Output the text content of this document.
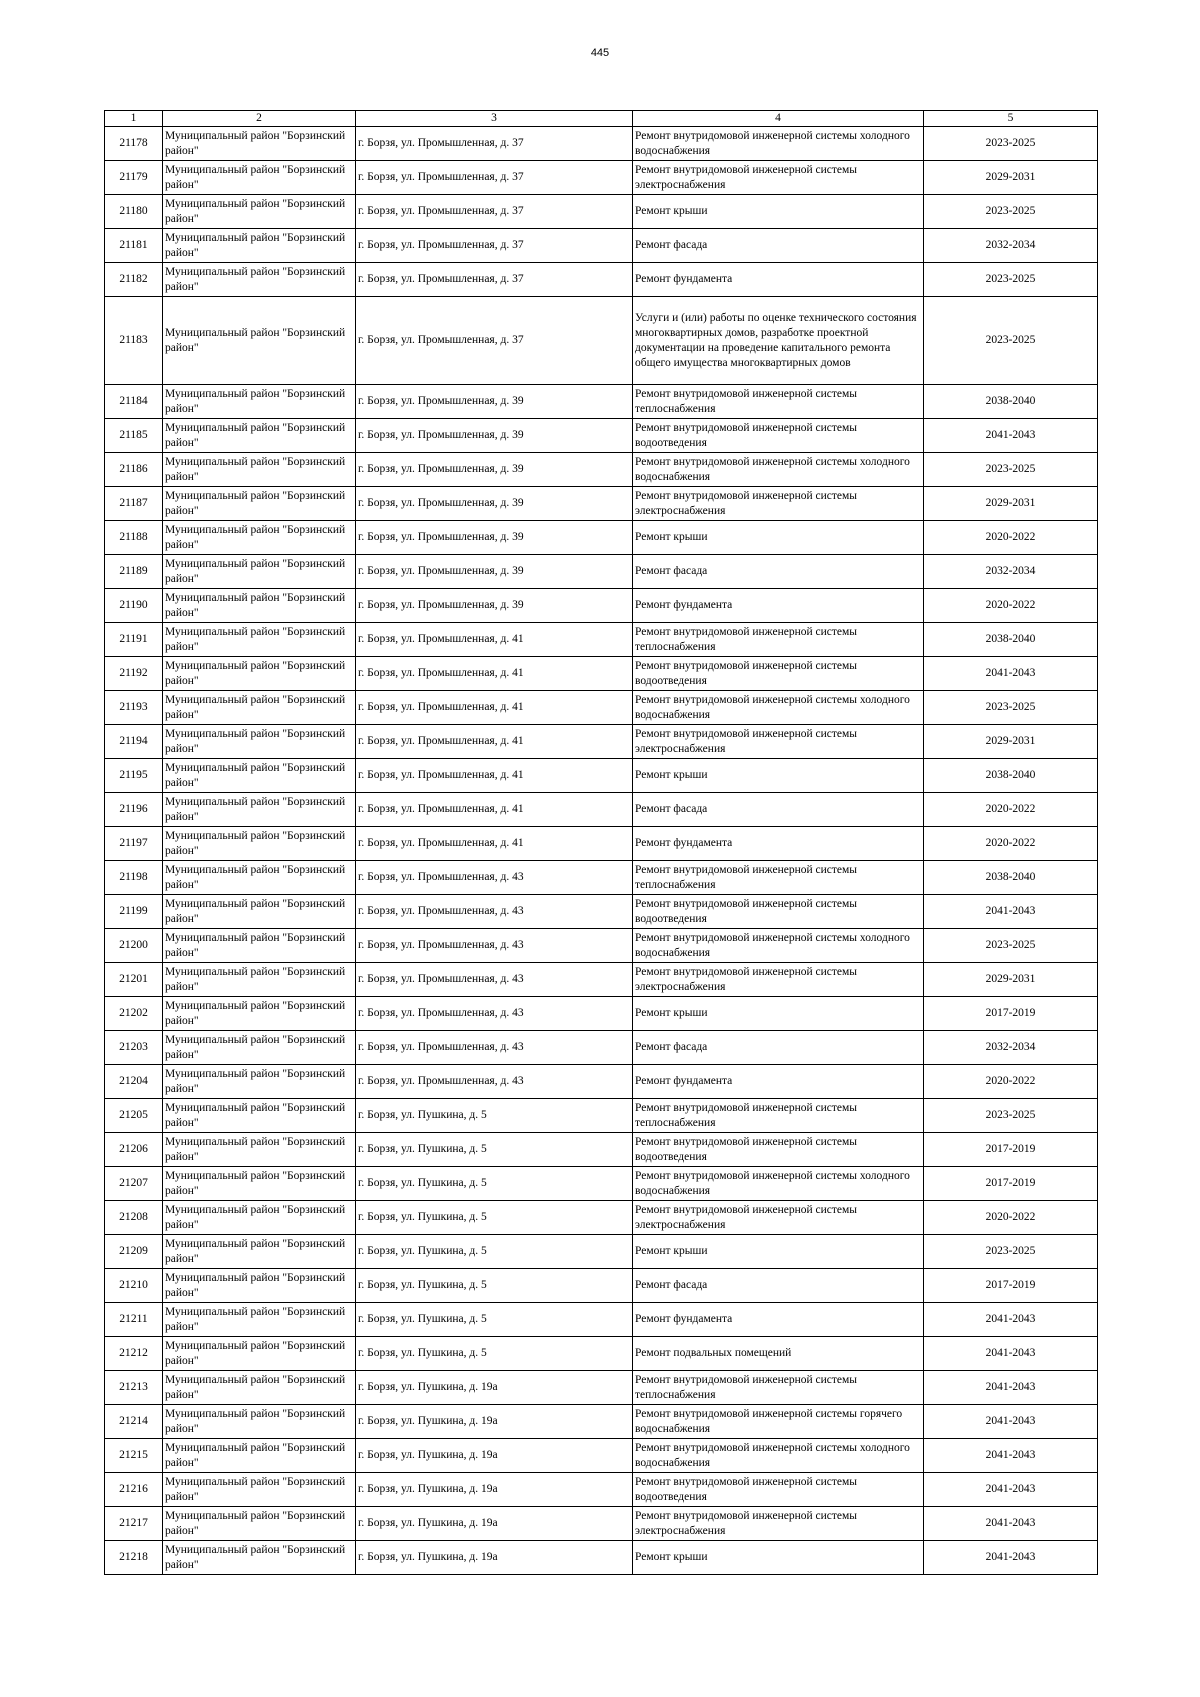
445
1	2	3	4	5
21178	Муниципальный район "Борзинский район"	г. Борзя, ул. Промышленная, д. 37	Ремонт внутридомовой инженерной системы холодного водоснабжения	2023-2025
21179	Муниципальный район "Борзинский район"	г. Борзя, ул. Промышленная, д. 37	Ремонт внутридомовой инженерной системы электроснабжения	2029-2031
21180	Муниципальный район "Борзинский район"	г. Борзя, ул. Промышленная, д. 37	Ремонт крыши	2023-2025
21181	Муниципальный район "Борзинский район"	г. Борзя, ул. Промышленная, д. 37	Ремонт фасада	2032-2034
21182	Муниципальный район "Борзинский район"	г. Борзя, ул. Промышленная, д. 37	Ремонт фундамента	2023-2025
21183	Муниципальный район "Борзинский район"	г. Борзя, ул. Промышленная, д. 37	Услуги и (или) работы по оценке технического состояния многоквартирных домов, разработке проектной документации на проведение капитального ремонта общего имущества многоквартирных домов	2023-2025
21184	Муниципальный район "Борзинский район"	г. Борзя, ул. Промышленная, д. 39	Ремонт внутридомовой инженерной системы теплоснабжения	2038-2040
21185	Муниципальный район "Борзинский район"	г. Борзя, ул. Промышленная, д. 39	Ремонт внутридомовой инженерной системы водоотведения	2041-2043
21186	Муниципальный район "Борзинский район"	г. Борзя, ул. Промышленная, д. 39	Ремонт внутридомовой инженерной системы холодного водоснабжения	2023-2025
21187	Муниципальный район "Борзинский район"	г. Борзя, ул. Промышленная, д. 39	Ремонт внутридомовой инженерной системы электроснабжения	2029-2031
21188	Муниципальный район "Борзинский район"	г. Борзя, ул. Промышленная, д. 39	Ремонт крыши	2020-2022
21189	Муниципальный район "Борзинский район"	г. Борзя, ул. Промышленная, д. 39	Ремонт фасада	2032-2034
21190	Муниципальный район "Борзинский район"	г. Борзя, ул. Промышленная, д. 39	Ремонт фундамента	2020-2022
21191	Муниципальный район "Борзинский район"	г. Борзя, ул. Промышленная, д. 41	Ремонт внутридомовой инженерной системы теплоснабжения	2038-2040
21192	Муниципальный район "Борзинский район"	г. Борзя, ул. Промышленная, д. 41	Ремонт внутридомовой инженерной системы водоотведения	2041-2043
21193	Муниципальный район "Борзинский район"	г. Борзя, ул. Промышленная, д. 41	Ремонт внутридомовой инженерной системы холодного водоснабжения	2023-2025
21194	Муниципальный район "Борзинский район"	г. Борзя, ул. Промышленная, д. 41	Ремонт внутридомовой инженерной системы электроснабжения	2029-2031
21195	Муниципальный район "Борзинский район"	г. Борзя, ул. Промышленная, д. 41	Ремонт крыши	2038-2040
21196	Муниципальный район "Борзинский район"	г. Борзя, ул. Промышленная, д. 41	Ремонт фасада	2020-2022
21197	Муниципальный район "Борзинский район"	г. Борзя, ул. Промышленная, д. 41	Ремонт фундамента	2020-2022
21198	Муниципальный район "Борзинский район"	г. Борзя, ул. Промышленная, д. 43	Ремонт внутридомовой инженерной системы теплоснабжения	2038-2040
21199	Муниципальный район "Борзинский район"	г. Борзя, ул. Промышленная, д. 43	Ремонт внутридомовой инженерной системы водоотведения	2041-2043
21200	Муниципальный район "Борзинский район"	г. Борзя, ул. Промышленная, д. 43	Ремонт внутридомовой инженерной системы холодного водоснабжения	2023-2025
21201	Муниципальный район "Борзинский район"	г. Борзя, ул. Промышленная, д. 43	Ремонт внутридомовой инженерной системы электроснабжения	2029-2031
21202	Муниципальный район "Борзинский район"	г. Борзя, ул. Промышленная, д. 43	Ремонт крыши	2017-2019
21203	Муниципальный район "Борзинский район"	г. Борзя, ул. Промышленная, д. 43	Ремонт фасада	2032-2034
21204	Муниципальный район "Борзинский район"	г. Борзя, ул. Промышленная, д. 43	Ремонт фундамента	2020-2022
21205	Муниципальный район "Борзинский район"	г. Борзя, ул. Пушкина, д. 5	Ремонт внутридомовой инженерной системы теплоснабжения	2023-2025
21206	Муниципальный район "Борзинский район"	г. Борзя, ул. Пушкина, д. 5	Ремонт внутридомовой инженерной системы водоотведения	2017-2019
21207	Муниципальный район "Борзинский район"	г. Борзя, ул. Пушкина, д. 5	Ремонт внутридомовой инженерной системы холодного водоснабжения	2017-2019
21208	Муниципальный район "Борзинский район"	г. Борзя, ул. Пушкина, д. 5	Ремонт внутридомовой инженерной системы электроснабжения	2020-2022
21209	Муниципальный район "Борзинский район"	г. Борзя, ул. Пушкина, д. 5	Ремонт крыши	2023-2025
21210	Муниципальный район "Борзинский район"	г. Борзя, ул. Пушкина, д. 5	Ремонт фасада	2017-2019
21211	Муниципальный район "Борзинский район"	г. Борзя, ул. Пушкина, д. 5	Ремонт фундамента	2041-2043
21212	Муниципальный район "Борзинский район"	г. Борзя, ул. Пушкина, д. 5	Ремонт подвальных помещений	2041-2043
21213	Муниципальный район "Борзинский район"	г. Борзя, ул. Пушкина, д. 19а	Ремонт внутридомовой инженерной системы теплоснабжения	2041-2043
21214	Муниципальный район "Борзинский район"	г. Борзя, ул. Пушкина, д. 19а	Ремонт внутридомовой инженерной системы горячего водоснабжения	2041-2043
21215	Муниципальный район "Борзинский район"	г. Борзя, ул. Пушкина, д. 19а	Ремонт внутридомовой инженерной системы холодного водоснабжения	2041-2043
21216	Муниципальный район "Борзинский район"	г. Борзя, ул. Пушкина, д. 19а	Ремонт внутридомовой инженерной системы водоотведения	2041-2043
21217	Муниципальный район "Борзинский район"	г. Борзя, ул. Пушкина, д. 19а	Ремонт внутридомовой инженерной системы электроснабжения	2041-2043
21218	Муниципальный район "Борзинский район"	г. Борзя, ул. Пушкина, д. 19а	Ремонт крыши	2041-2043
